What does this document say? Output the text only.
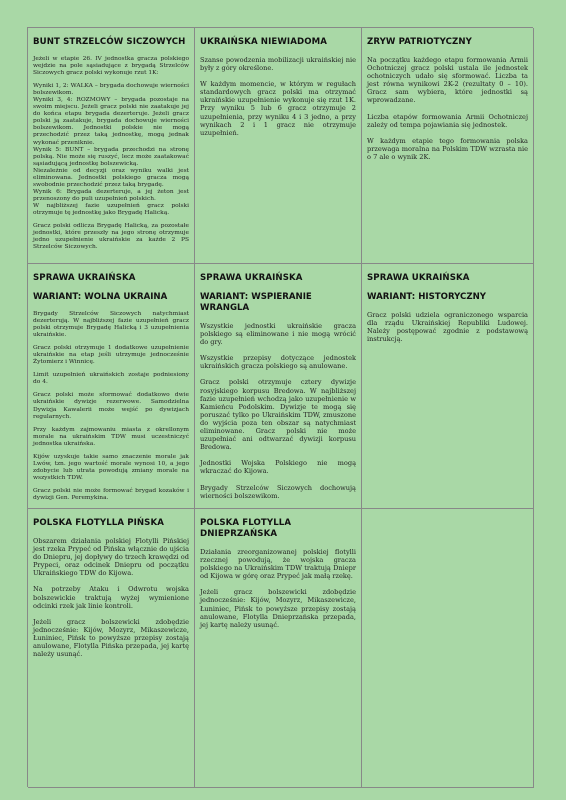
BUNT STRZELCÓW SICZOWYCH

Jeżeli w etapie 26. IV jednostka gracza polskiego wejdzie na pole sąsiadujące z brygadą Strzelców Siczowych gracz polski wykonuje rzut 1K:

Wyniki 1, 2: WALKA – brygada dochowuje wierności bolszewikom.

Wyniki 3, 4: ROZMOWY – brygada pozostaje na swoim miejscu. Jeżeli gracz polski nie zaatakuje jej do końca etapu brygada dezerteruje. Jeżeli gracz polski ją zaatakuje, brygada dochowuje wierności bolszewikom. Jednostki polskie nie mogą przechodzić przez taką jednostkę, mogą jednak wykonać przeniknie.

Wynik 5: BUNT – brygada przechodzi na stronę polską. Nie może się ruszyć, lecz może zaatakować sąsiadującą jednostkę bolszewicką.

Niezależnie od decyzji oraz wyniku walki jest eliminowana. Jednostki polskiego gracza mogą swobodnie przechodzić przez taką brygadę.

Wynik 6: Brygada dezerteruje, a jej żeton jest przenoszony do puli uzupełnień polskich.

W najbliższej fazie uzupełnień gracz polski otrzymuje tę jednostkę jako Brygadę Halicką.

Gracz polski odlicza Brygadę Halicką, za pozostałe jednostki, które przeszły na jego stronę otrzymuje jedno uzupełnienie ukraińskie za każde 2 PS Strzelców Siczowych.

UKRAIŃSKA NIEWIADOMA

Szanse powodzenia mobilizacji ukraińskiej nie były z góry określone.

W każdym momencie, w którym w regułach standardowych gracz polski ma otrzymać ukraińskie uzupełnienie wykonuje się rzut 1K. Przy wyniku 5 lub 6 gracz otrzymuje 2 uzupełnienia, przy wyniku 4 i 3 jedno, a przy wynikach 2 i 1 gracz nie otrzymuje uzupełnień.

ZRYW PATRIOTYCZNY

Na początku każdego etapu formowania Armii Ochotniczej gracz polski ustala ile jednostek ochotniczych udało się sformować. Liczba ta jest równa wynikowi 2K-2 (rezultaty 0 – 10). Gracz sam wybiera, które jednostki są wprowadzane.

Liczba etapów formowania Armii Ochotniczej zależy od tempa pojawiania się jednostek.

W każdym etapie tego formowania polska przewaga moralna na Polskim TDW wzrasta nie o 7 ale o wynik 2K.

SPRAWA UKRAIŃSKA
WARIANT: WOLNA UKRAINA

Brygady Strzelców Siczowych natychmiast dezerterują. W najbliższej fazie uzupełnień gracz polski otrzymuje Brygadę Halicką i 3 uzupełnienia ukraińskie.

Gracz polski otrzymuje 1 dodatkowe uzupełnienie ukraińskie na etap jeśli utrzymuje jednocześnie Żytomierz i Winnicę.

Limit uzupełnień ukraińskich zostaje podniesiony do 4.

Gracz polski może sformować dodatkowo dwie ukraińskie dywizje rezerwowe. Samodzielna Dywizja Kawalerii może wejść po dywizjach regularnych.

Przy każdym zajmowaniu miasta z okrellonym morale na ukraińskim TDW musi uczestniczyć jednostka ukraińska.

Kijów uzyskuje takie samo znaczenie morale jak Lwów, tzn. jego wartość morale wynosi 10, a jego zdobycie lub utrata powodują zmiany morale na wszystkich TDW.

Gracz polski nie może formować brygad kozaków i dywizji Gen. Peremykina.

SPRAWA UKRAIŃSKA
WARIANT: WSPIERANIE WRANGLA

Wszystkie jednostki ukraińskie gracza polskiego są eliminowane i nie mogą wrócić do gry.

Wszystkie przepisy dotyczące jednostek ukraińskich gracza polskiego są anulowane.

Gracz polski otrzymuje cztery dywizje rosyjskiego korpusu Bredowa. W najbliższej fazie uzupełnień wchodzą jako uzupełnienie w Kamieńcu Podolskim. Dywizje te mogą się poruszać tylko po Ukraińskim TDW, zmuszone do wyjścia poza ten obszar są natychmiast eliminowane. Gracz polski nie może uzupełniać ani odtwarzać dywizji korpusu Bredowa.

Jednostki Wojska Polskiego nie mogą wkraczać do Kijowa.

Brygady Strzelców Siczowych dochowują wierności bolszewikom.

SPRAWA UKRAIŃSKA
WARIANT: HISTORYCZNY

Gracz polski udziela ograniczonego wsparcia dla rządu Ukraińskiej Republiki Ludowej. Należy postępować zgodnie z podstawową instrukcją.

POLSKA FLOTYLLA PIŃSKA

Obszarem działania polskiej Flotylli Pińskiej jest rzeka Prypeć od Pińska włącznie do ujścia do Dniepru, jej dopływy do trzech krawędzi od Prypeci, oraz odcinek Dniepru od początku Ukraińskiego TDW do Kijowa.

Na potrzeby Ataku i Odwrotu wojska bolszewickie traktują wyżej wymienione odcinki rzek jak linie kontroli.

Jeżeli gracz bolszewicki zdobędzie jednocześnie: Kijów, Mozyrz, Mikaszewicze, Łuniniec, Pińsk to powyższe przepisy zostają anulowane, Flotylla Pińska przepada, jej kartę należy usunąć.

POLSKA FLOTYLLA DNIEPRZAŃSKA

Działania zreorganizowanej polskiej flotylli rzecznej powodują, że wojska gracza polskiego na Ukraińskim TDW traktują Dniepr od Kijowa w górę oraz Prypeć jak małą rzekę.

Jeżeli gracz bolszewicki zdobędzie jednocześnie: Kijów, Mozyrz, Mikaszewicze, Łuniniec, Pińsk to powyższe przepisy zostają anulowane, Flotylla Dnieprzańska przepada, jej kartę należy usunąć.
